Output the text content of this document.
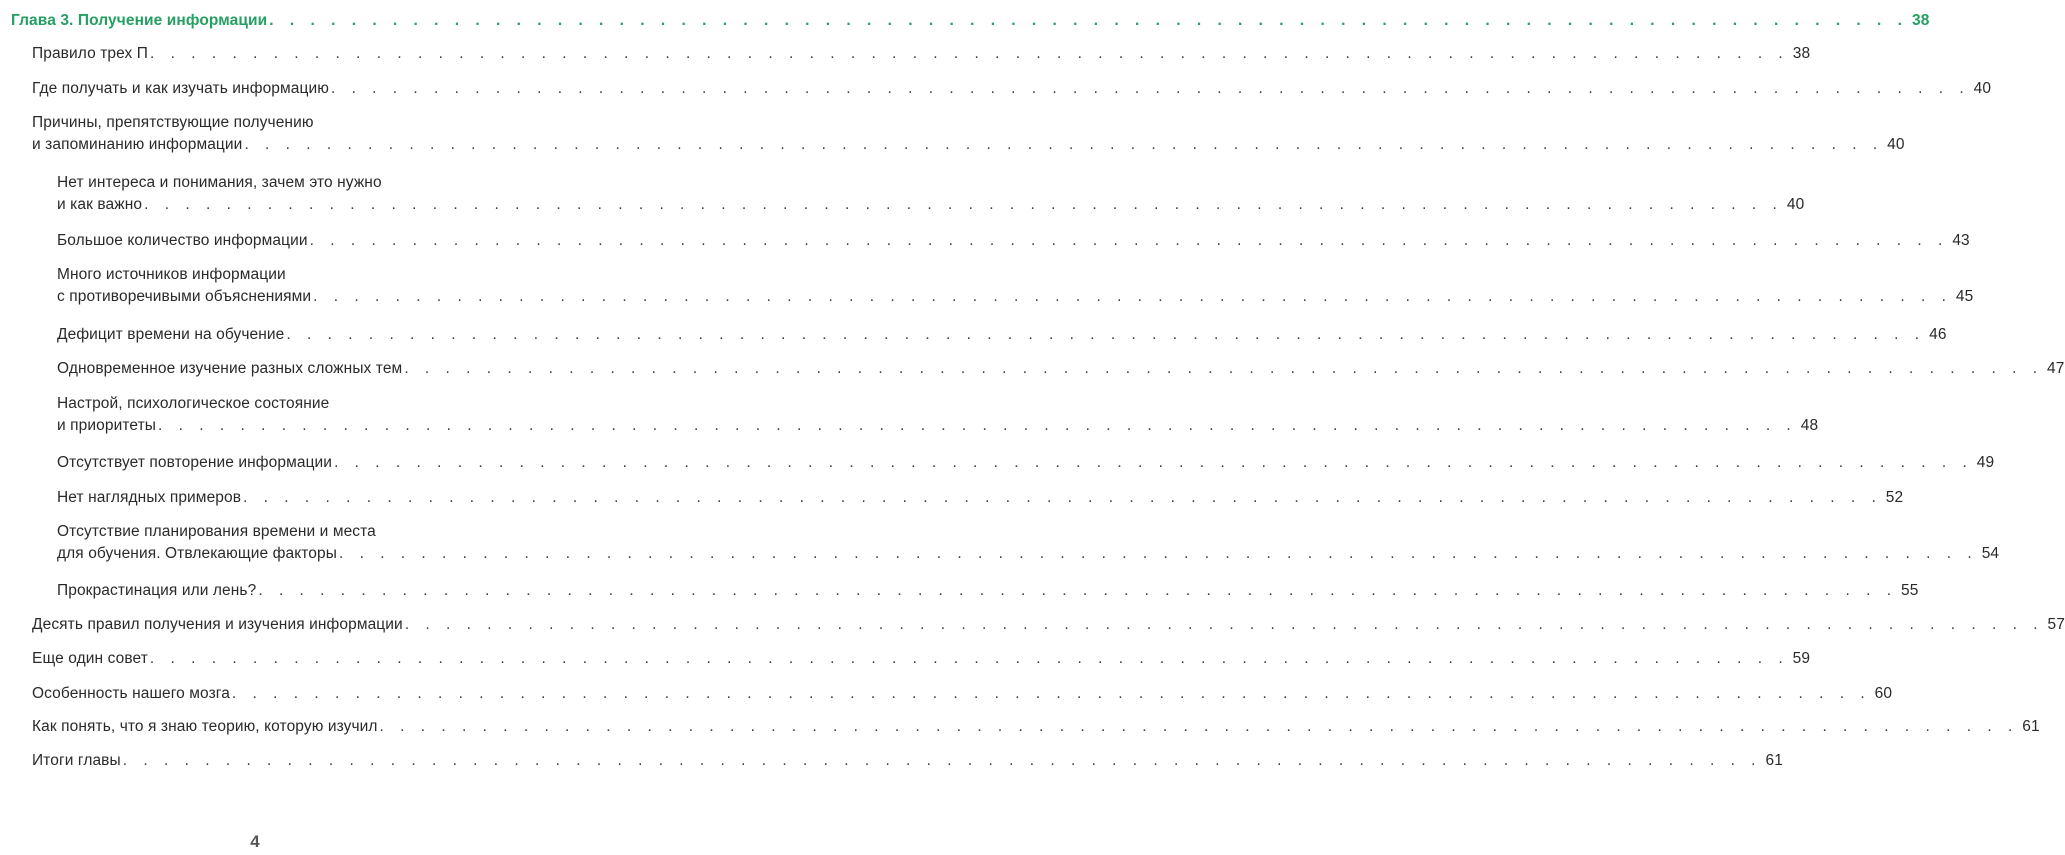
Глава 3. Получение информации . . . . . . . . . . . . . . . . . . . . . . . . . . . . . . . . . . . . . . . . . . . . . . . . . . . . . . . . . . . . . . . . . . . . . . . . . . . . . . . . 38
Правило трех П . . . . . . . . . . . . . . . . . . . . . . . . . . . . . . . . . . . . . . . . . . . . . . . . . . . . . . . . . . . . . . . . . . . . . . . . . . . . . . . . 38
Где получать и как изучать информацию . . . . . . . . . . . . . . . . . . . . . . . . . . . . . . . . . . . . . . . . . . . . . . . . . . . . . . . . . . . . . . . . . . . . . . . . . . . . . . . . 40
Причины, препятствующие получению
и запоминанию информации . . . . . . . . . . . . . . . . . . . . . . . . . . . . . . . . . . . . . . . . . . . . . . . . . . . . . . . . . . . . . . . . . . . . . . . . . . . . . . . . 40
Нет интереса и понимания, зачем это нужно
и как важно . . . . . . . . . . . . . . . . . . . . . . . . . . . . . . . . . . . . . . . . . . . . . . . . . . . . . . . . . . . . . . . . . . . . . . . . . . . . . . . . 40
Большое количество информации . . . . . . . . . . . . . . . . . . . . . . . . . . . . . . . . . . . . . . . . . . . . . . . . . . . . . . . . . . . . . . . . . . . . . . . . . . . . . . . . 43
Много источников информации
с противоречивыми объяснениями . . . . . . . . . . . . . . . . . . . . . . . . . . . . . . . . . . . . . . . . . . . . . . . . . . . . . . . . . . . . . . . . . . . . . . . . . . . . . . . . 45
Дефицит времени на обучение . . . . . . . . . . . . . . . . . . . . . . . . . . . . . . . . . . . . . . . . . . . . . . . . . . . . . . . . . . . . . . . . . . . . . . . . . . . . . . . . 46
Одновременное изучение разных сложных тем . . . . . . . . . . . . . . . . . . . . . . . . . . . . . . . . . . . . . . . . . . . . . . . . . . . . . . . . . . . . . . . . . . . . . . . . . . . . . . . . 47
Настрой, психологическое состояние
и приоритеты . . . . . . . . . . . . . . . . . . . . . . . . . . . . . . . . . . . . . . . . . . . . . . . . . . . . . . . . . . . . . . . . . . . . . . . . . . . . . . . . 48
Отсутствует повторение информации . . . . . . . . . . . . . . . . . . . . . . . . . . . . . . . . . . . . . . . . . . . . . . . . . . . . . . . . . . . . . . . . . . . . . . . . . . . . . . . . 49
Нет наглядных примеров . . . . . . . . . . . . . . . . . . . . . . . . . . . . . . . . . . . . . . . . . . . . . . . . . . . . . . . . . . . . . . . . . . . . . . . . . . . . . . . . 52
Отсутствие планирования времени и места
для обучения. Отвлекающие факторы . . . . . . . . . . . . . . . . . . . . . . . . . . . . . . . . . . . . . . . . . . . . . . . . . . . . . . . . . . . . . . . . . . . . . . . . . . . . . . . . 54
Прокрастинация или лень? . . . . . . . . . . . . . . . . . . . . . . . . . . . . . . . . . . . . . . . . . . . . . . . . . . . . . . . . . . . . . . . . . . . . . . . . . . . . . . . . 55
Десять правил получения и изучения информации . . . . . . . . . . . . . . . . . . . . . . . . . . . . . . . . . . . . . . . . . . . . . . . . . . . . . . . . . . . . . . . . . . . . . . . . . . . . . . . . 57
Еще один совет . . . . . . . . . . . . . . . . . . . . . . . . . . . . . . . . . . . . . . . . . . . . . . . . . . . . . . . . . . . . . . . . . . . . . . . . . . . . . . . . 59
Особенность нашего мозга . . . . . . . . . . . . . . . . . . . . . . . . . . . . . . . . . . . . . . . . . . . . . . . . . . . . . . . . . . . . . . . . . . . . . . . . . . . . . . . . 60
Как понять, что я знаю теорию, которую изучил . . . . . . . . . . . . . . . . . . . . . . . . . . . . . . . . . . . . . . . . . . . . . . . . . . . . . . . . . . . . . . . . . . . . . . . . . . . . . . . . 61
Итоги главы . . . . . . . . . . . . . . . . . . . . . . . . . . . . . . . . . . . . . . . . . . . . . . . . . . . . . . . . . . . . . . . . . . . . . . . . . . . . . . . . 61
4
